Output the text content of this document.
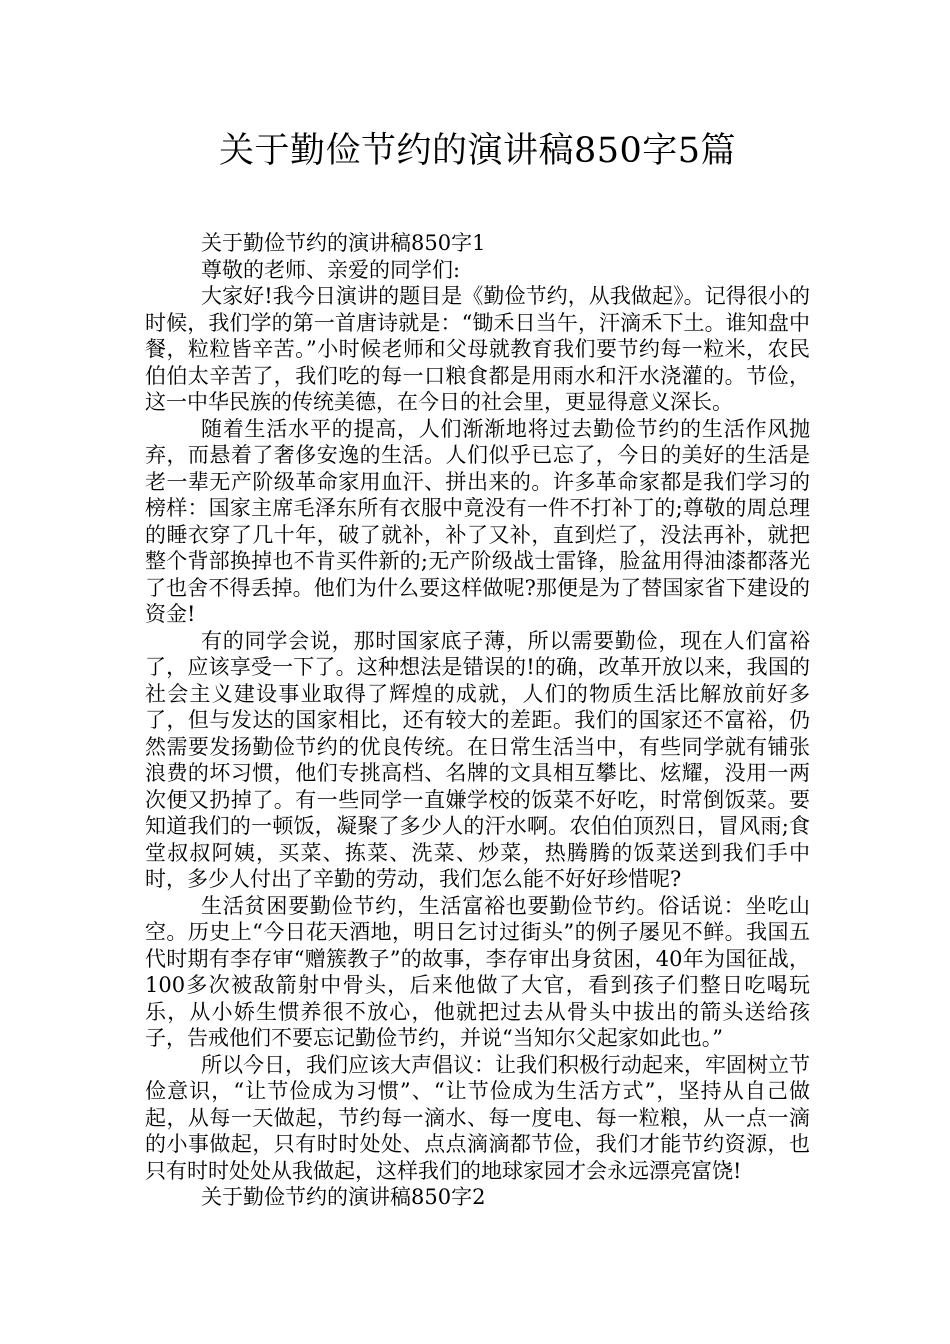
关于勤俭节约的演讲稿850字5篇

关于勤俭节约的演讲稿850字1

尊敬的老师、亲爱的同学们:

大家好!我今日演讲的题目是《勤俭节约，从我做起》。记得很小的时候，我们学的第一首唐诗就是：“锄禾日当午，汗滴禾下土。谁知盘中餐，粒粒皆辛苦。”小时候老师和父母就教育我们要节约每一粒米，农民伯伯太辛苦了，我们吃的每一口粮食都是用雨水和汗水浇灌的。节俭，这一中华民族的传统美德，在今日的社会里，更显得意义深长。

随着生活水平的提高，人们渐渐地将过去勤俭节约的生活作风抛弃，而悬着了奢侈安逸的生活。人们似乎已忘了，今日的美好的生活是老一辈无产阶级革命家用血汗、拼出来的。许多革命家都是我们学习的榜样：国家主席毛泽东所有衣服中竟没有一件不打补丁的;尊敬的周总理的睡衣穿了几十年，破了就补，补了又补，直到烂了，没法再补，就把整个背部换掉也不肯买件新的;无产阶级战士雷锋，脸盆用得油漆都落光了也舍不得丢掉。他们为什么要这样做呢?那便是为了替国家省下建设的资金!

有的同学会说，那时国家底子薄，所以需要勤俭，现在人们富裕了，应该享受一下了。这种想法是错误的!的确，改革开放以来，我国的社会主义建设事业取得了辉煌的成就，人们的物质生活比解放前好多了，但与发达的国家相比，还有较大的差距。我们的国家还不富裕，仍然需要发扬勤俭节约的优良传统。在日常生活当中，有些同学就有铺张浪费的坏习惯，他们专挑高档、名牌的文具相互攀比、炫耀，没用一两次便又扔掉了。有一些同学一直嫌学校的饭菜不好吃，时常倒饭菜。要知道我们的一顿饭，凝聚了多少人的汗水啊。农伯伯顶烈日，冒风雨;食堂叔叔阿姨，买菜、拣菜、洗菜、炒菜，热腾腾的饭菜送到我们手中时，多少人付出了辛勤的劳动，我们怎么能不好好珍惜呢?

生活贫困要勤俭节约，生活富裕也要勤俭节约。俗话说：坐吃山空。历史上“今日花天酒地，明日乞讨过街头”的例子屡见不鲜。我国五代时期有李存审“赠簇教子”的故事，李存审出身贫困，40年为国征战，100多次被敌箭射中骨头，后来他做了大官，看到孩子们整日吃喝玩乐，从小娇生惯养很不放心，他就把过去从骨头中拔出的箭头送给孩子，告戒他们不要忘记勤俭节约，并说“当知尔父起家如此也。”

所以今日，我们应该大声倡议：让我们积极行动起来，牢固树立节俭意识，“让节俭成为习惯”、“让节俭成为生活方式”，坚持从自己做起，从每一天做起，节约每一滴水、每一度电、每一粒粮，从一点一滴的小事做起，只有时时处处、点点滴滴都节俭，我们才能节约资源，也只有时时处处从我做起，这样我们的地球家园才会永远漂亮富饶!

关于勤俭节约的演讲稿850字2
